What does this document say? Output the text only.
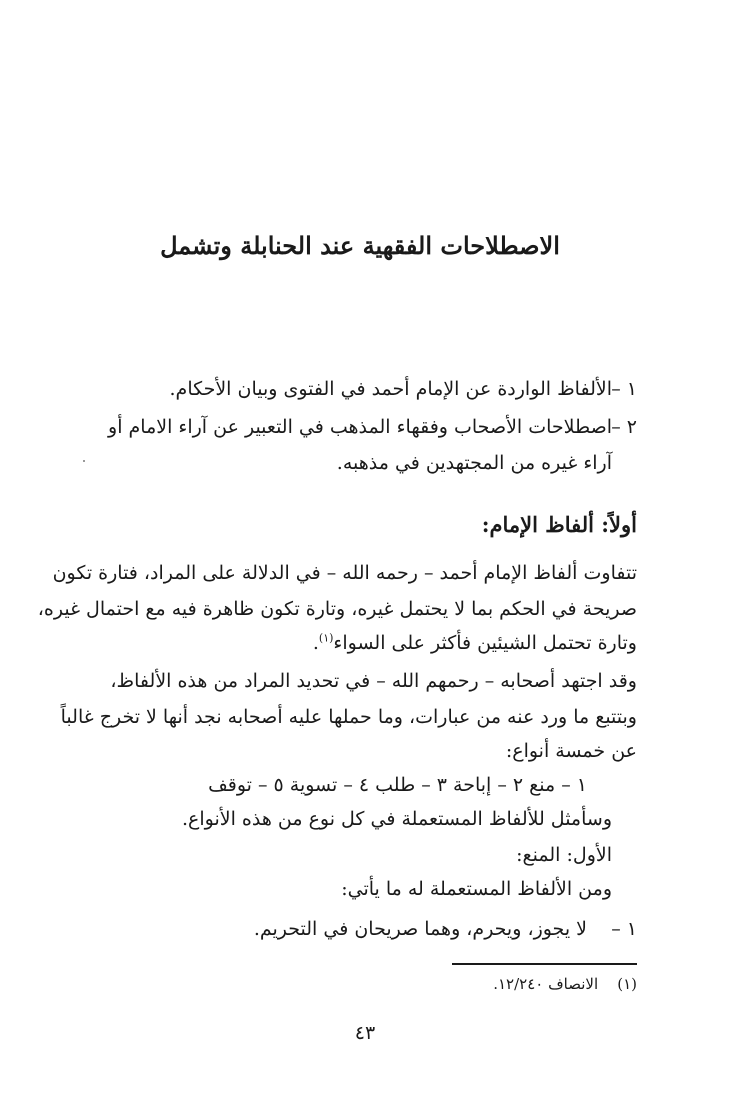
الاصطلاحات الفقهية عند الحنابلة وتشمل
١ –
الألفاظ الواردة عن الإمام أحمد في الفتوى وبيان الأحكام.
٢ –
اصطلاحات الأصحاب وفقهاء المذهب في التعبير عن آراء الامام أو
آراء غيره من المجتهدين في مذهبه.
أولاً: ألفاظ الإمام:
تتفاوت ألفاظ الإمام أحمد – رحمه الله – في الدلالة على المراد، فتارة تكون
صريحة في الحكم بما لا يحتمل غيره، وتارة تكون ظاهرة فيه مع احتمال غيره،
وتارة تحتمل الشيئين فأكثر على السواء$^{(١)}$.
وقد اجتهد أصحابه – رحمهم الله – في تحديد المراد من هذه الألفاظ،
وبتتبع ما ورد عنه من عبارات، وما حملها عليه أصحابه نجد أنها لا تخرج غالباً
عن خمسة أنواع:
١ – منع ٢ – إباحة ٣ – طلب ٤ – تسوية ٥ – توقف
وسأمثل للألفاظ المستعملة في كل نوع من هذه الأنواع.
الأول: المنع:
ومن الألفاظ المستعملة له ما يأتي:
١ –
لا يجوز، ويحرم، وهما صريحان في التحريم.
(١)    الانصاف ١٢/٢٤٠.
٤٣
